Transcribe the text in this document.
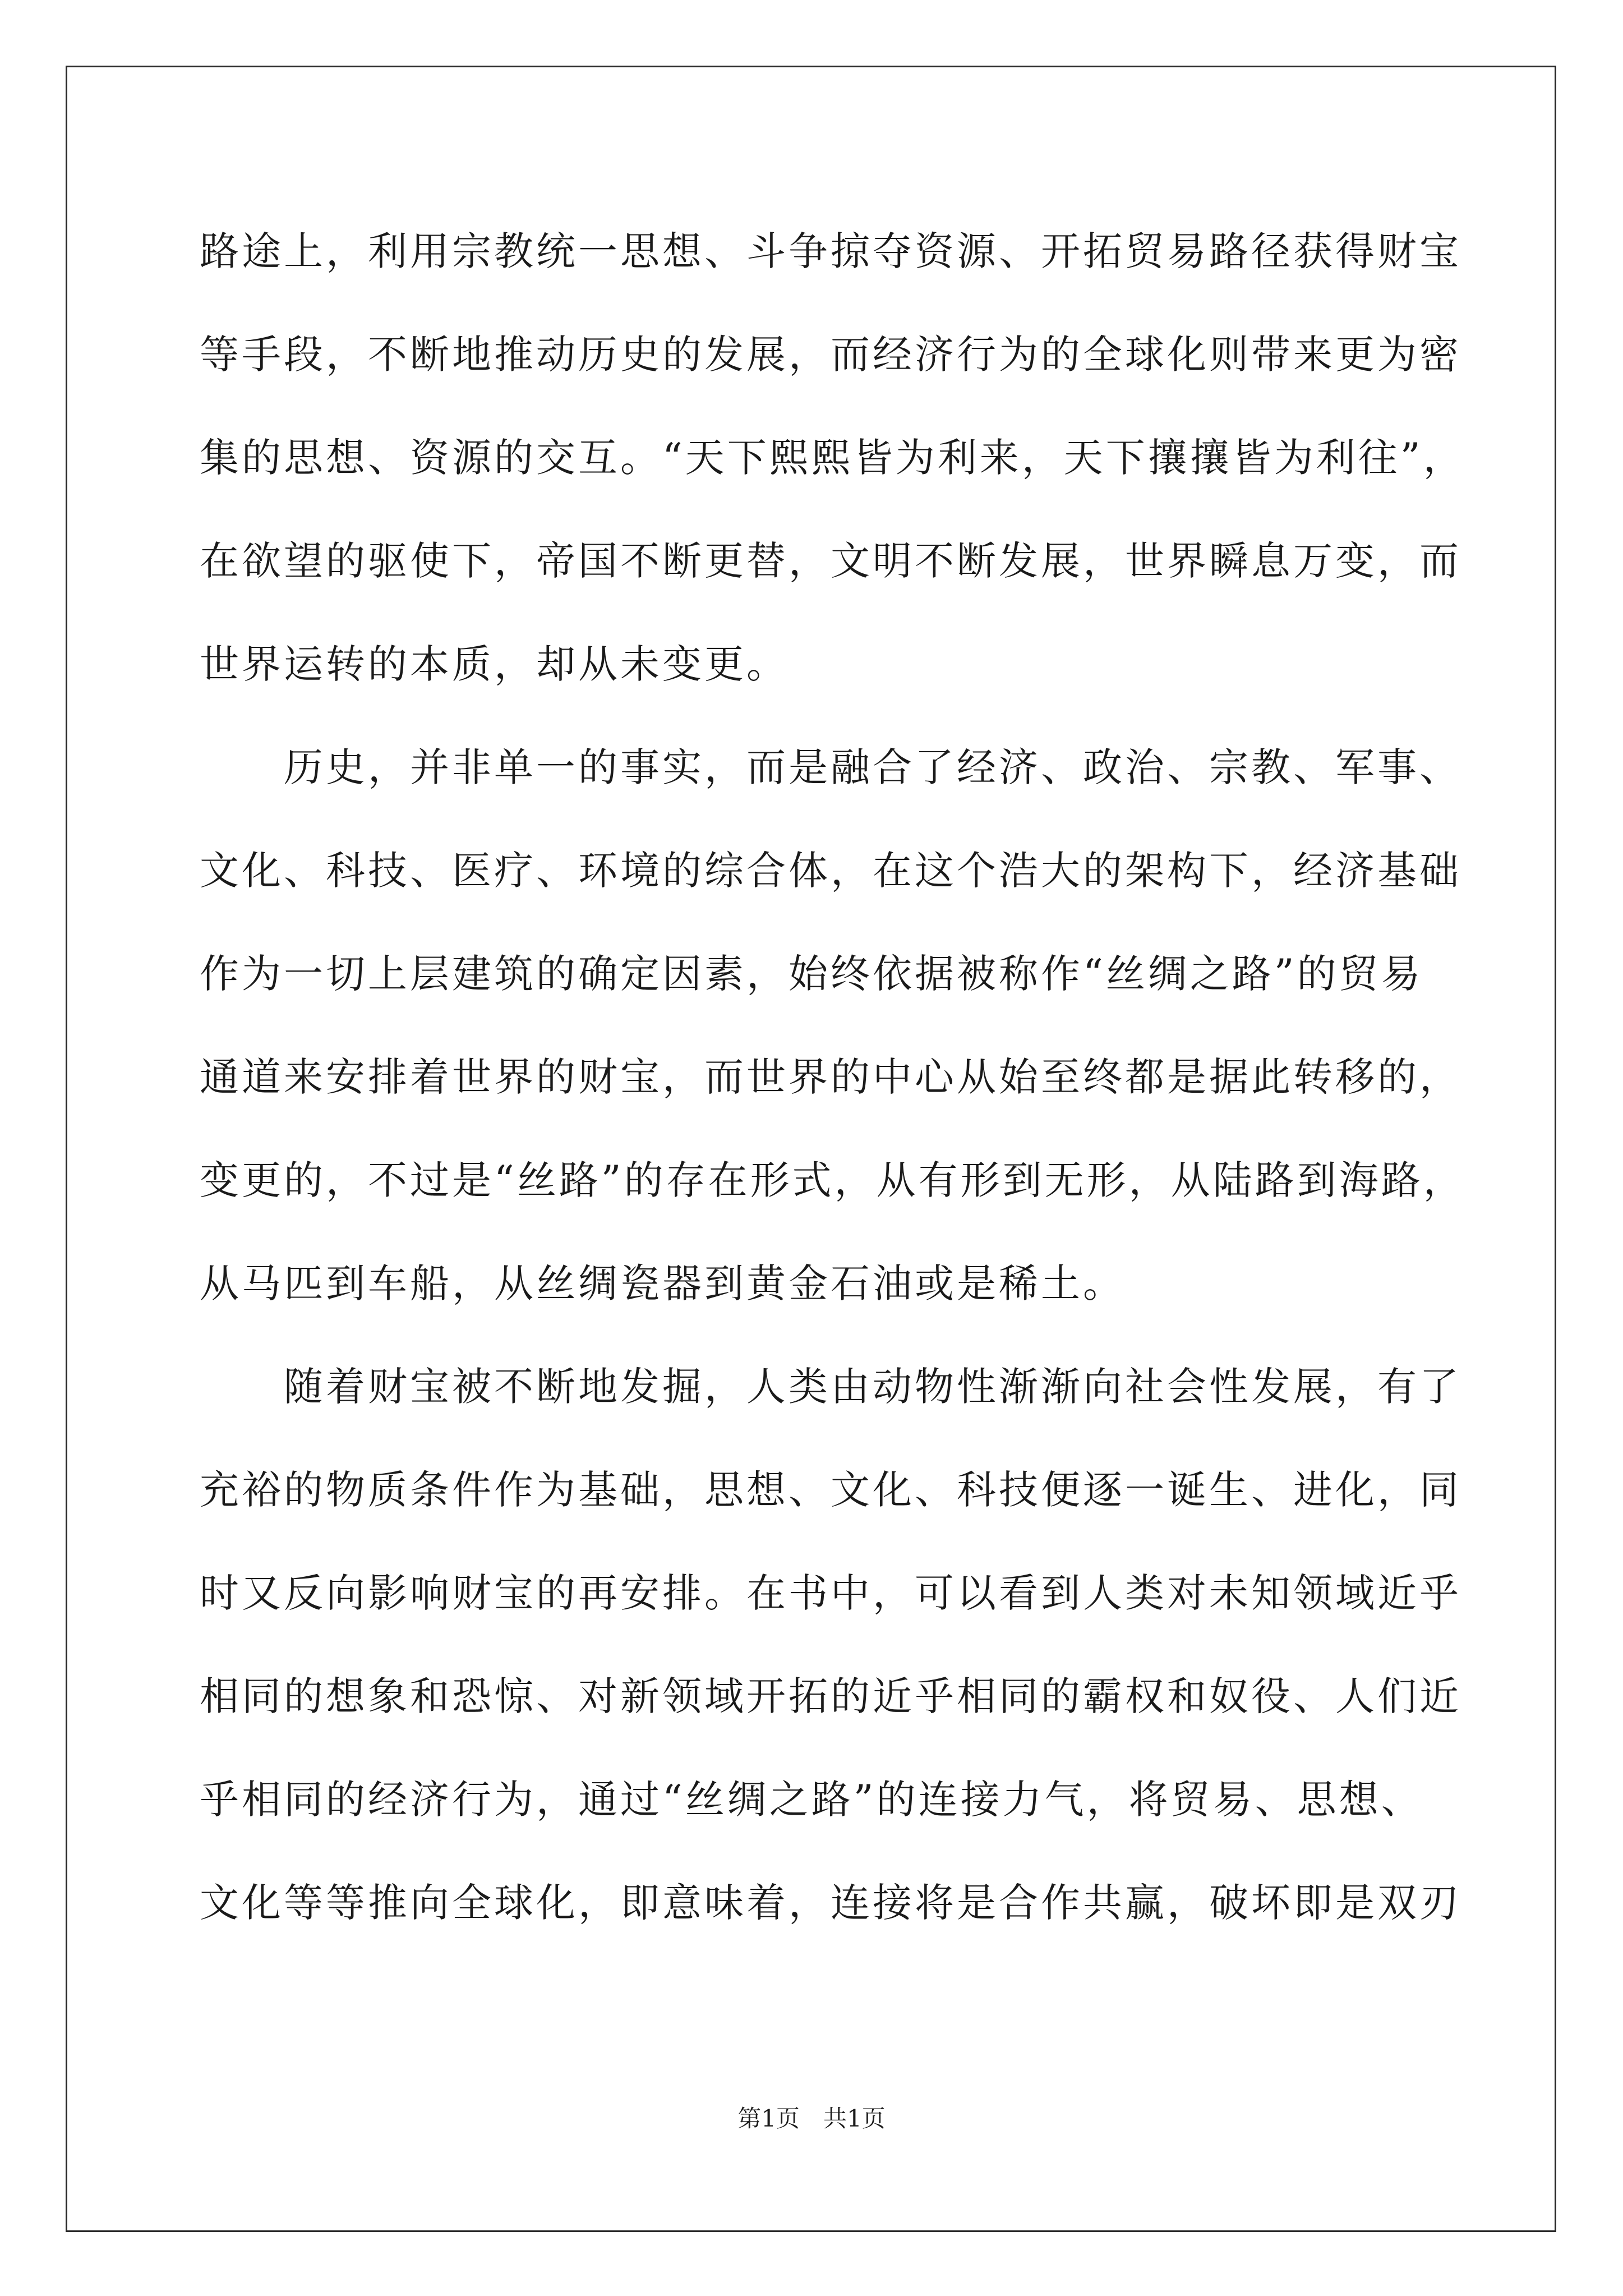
路途上，利用宗教统一思想、斗争掠夺资源、开拓贸易路径获得财宝
等手段，不断地推动历史的发展，而经济行为的全球化则带来更为密
集的思想、资源的交互。“天下熙熙皆为利来，天下攘攘皆为利往”，
在欲望的驱使下，帝国不断更替，文明不断发展，世界瞬息万变，而
世界运转的本质，却从未变更。
历史，并非单一的事实，而是融合了经济、政治、宗教、军事、
文化、科技、医疗、环境的综合体，在这个浩大的架构下，经济基础
作为一切上层建筑的确定因素，始终依据被称作“丝绸之路”的贸易
通道来安排着世界的财宝，而世界的中心从始至终都是据此转移的，
变更的，不过是“丝路”的存在形式，从有形到无形，从陆路到海路，
从马匹到车船，从丝绸瓷器到黄金石油或是稀土。
随着财宝被不断地发掘，人类由动物性渐渐向社会性发展，有了
充裕的物质条件作为基础，思想、文化、科技便逐一诞生、进化，同
时又反向影响财宝的再安排。在书中，可以看到人类对未知领域近乎
相同的想象和恐惊、对新领域开拓的近乎相同的霸权和奴役、人们近
乎相同的经济行为，通过“丝绸之路”的连接力气，将贸易、思想、
文化等等推向全球化，即意味着，连接将是合作共赢，破坏即是双刃
第1页　共1页
